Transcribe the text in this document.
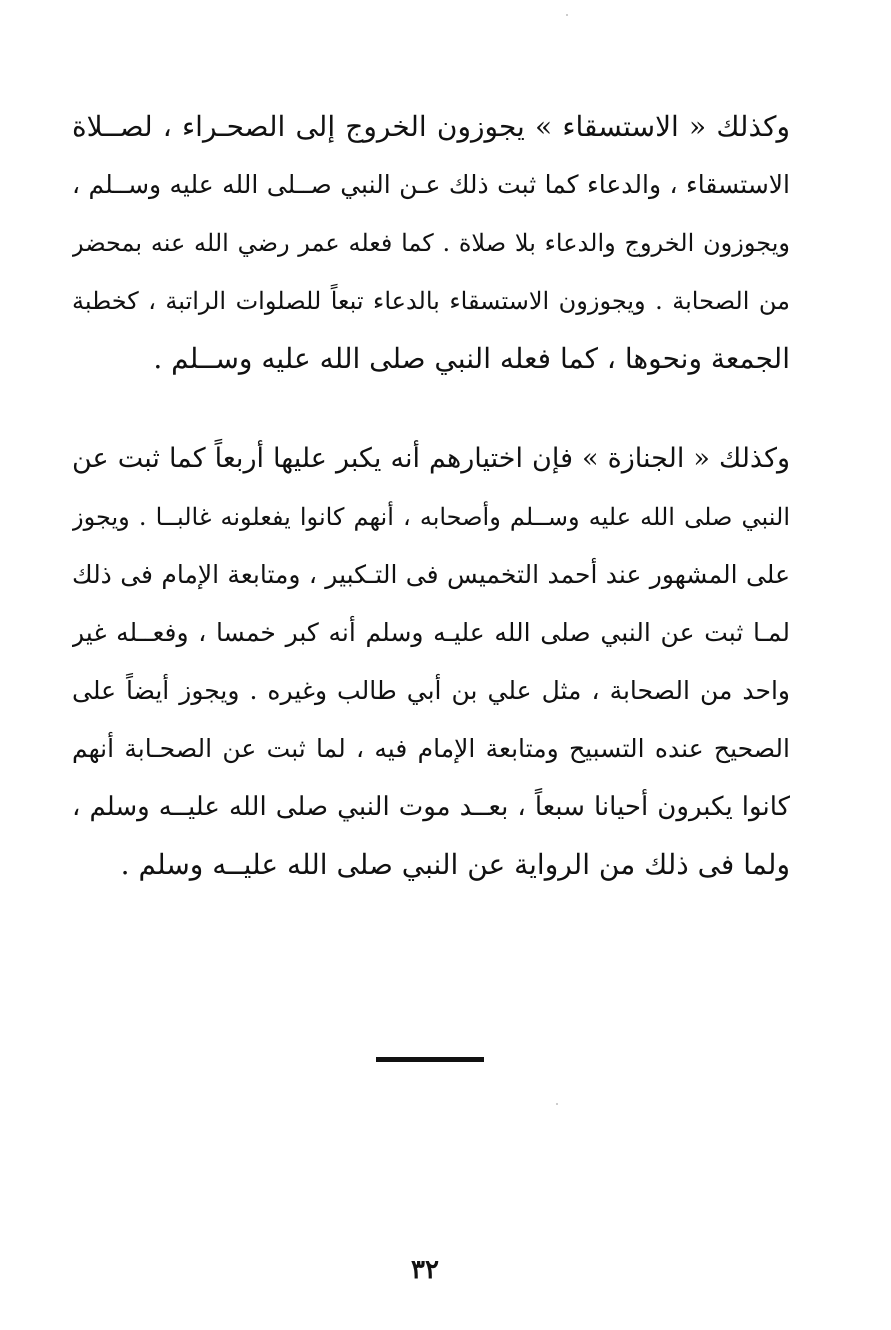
وكذلك « الاستسقاء » يجوزون الخروج إلى الصحـراء ، لصــلاة
الاستسقاء ، والدعاء كما ثبت ذلك عـن النبي صــلى الله عليه وســلم ،
ويجوزون الخروج والدعاء بلا صلاة . كما فعله عمر رضي الله عنه بمحضر
من الصحابة . ويجوزون الاستسقاء بالدعاء تبعاً للصلوات الراتبة ، كخطبة
الجمعة ونحوها ، كما فعله النبي صلى الله عليه وســلم .
وكذلك « الجنازة » فإن اختيارهم أنه يكبر عليها أربعاً كما ثبت عن
النبي صلى الله عليه وســلم وأصحابه ، أنهم كانوا يفعلونه غالبــا . ويجوز
على المشهور عند أحمد التخميس فى التـكبير ، ومتابعة الإمام فى ذلك
لمـا ثبت عن النبي صلى الله عليـه وسلم أنه كبر خمسا ، وفعــله غير
واحد من الصحابة ، مثل علي بن أبي طالب وغيره . ويجوز أيضاً على
الصحيح عنده التسبيح ومتابعة الإمام فيه ، لما ثبت عن الصحـابة أنهم
كانوا يكبرون أحيانا سبعاً ، بعــد موت النبي صلى الله عليــه وسلم ،
ولما فى ذلك من الرواية عن النبي صلى الله عليــه وسلم .
٣٢
